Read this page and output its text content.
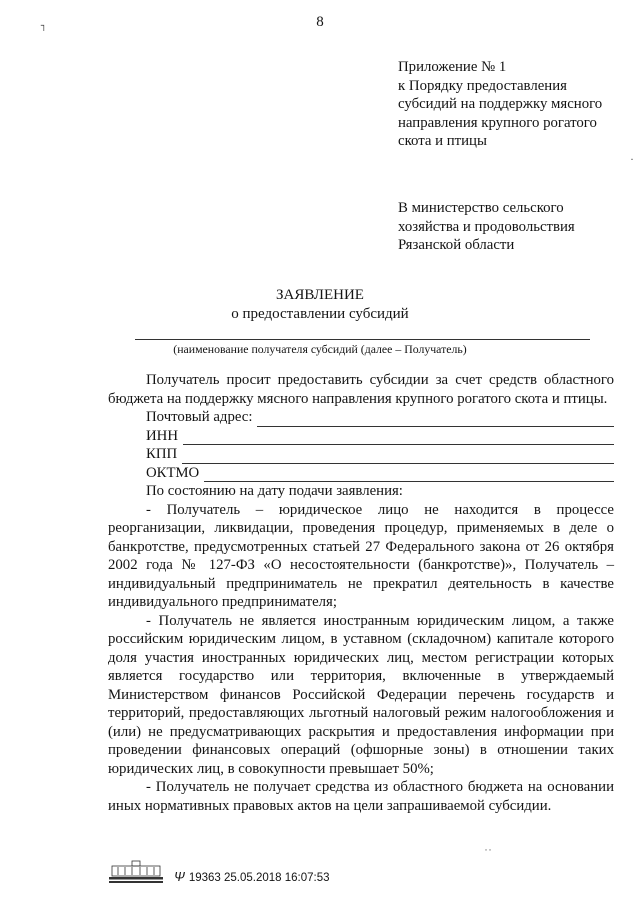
⌐
·
˙˙
8
Приложение № 1
к Порядку предоставления
субсидий на поддержку мясного
направления крупного рогатого
скота и птицы
В министерство сельского
хозяйства и продовольствия
Рязанской области
ЗАЯВЛЕНИЕ
о предоставлении субсидий
(наименование получателя субсидий (далее – Получатель)

Получатель просит предоставить субсидии за счет средств областного бюджета на поддержку мясного направления крупного рогатого скота и птицы.

Почтовый адрес:
ИНН
КПП
ОКТМО

По состоянию на дату подачи заявления:

- Получатель – юридическое лицо не находится в процессе реорганизации, ликвидации, проведения процедур, применяемых в деле о банкротстве, предусмотренных статьей 27 Федерального закона от 26 октября 2002 года № 127-ФЗ «О несостоятельности (банкротстве)», Получатель – индивидуальный предприниматель не прекратил деятельность в качестве индивидуального предпринимателя;

- Получатель не является иностранным юридическим лицом, а также российским юридическим лицом, в уставном (складочном) капитале которого доля участия иностранных юридических лиц, местом регистрации которых является государство или территория, включенные в утверждаемый Министерством финансов Российской Федерации перечень государств и территорий, предоставляющих льготный налоговый режим налогообложения и (или) не предусматривающих раскрытия и предоставления информации при проведении финансовых операций (офшорные зоны) в отношении таких юридических лиц, в совокупности превышает 50%;

- Получатель не получает средства из областного бюджета на основании иных нормативных правовых актов на цели запрашиваемой субсидии.

Ψ 19363 25.05.2018 16:07:53
